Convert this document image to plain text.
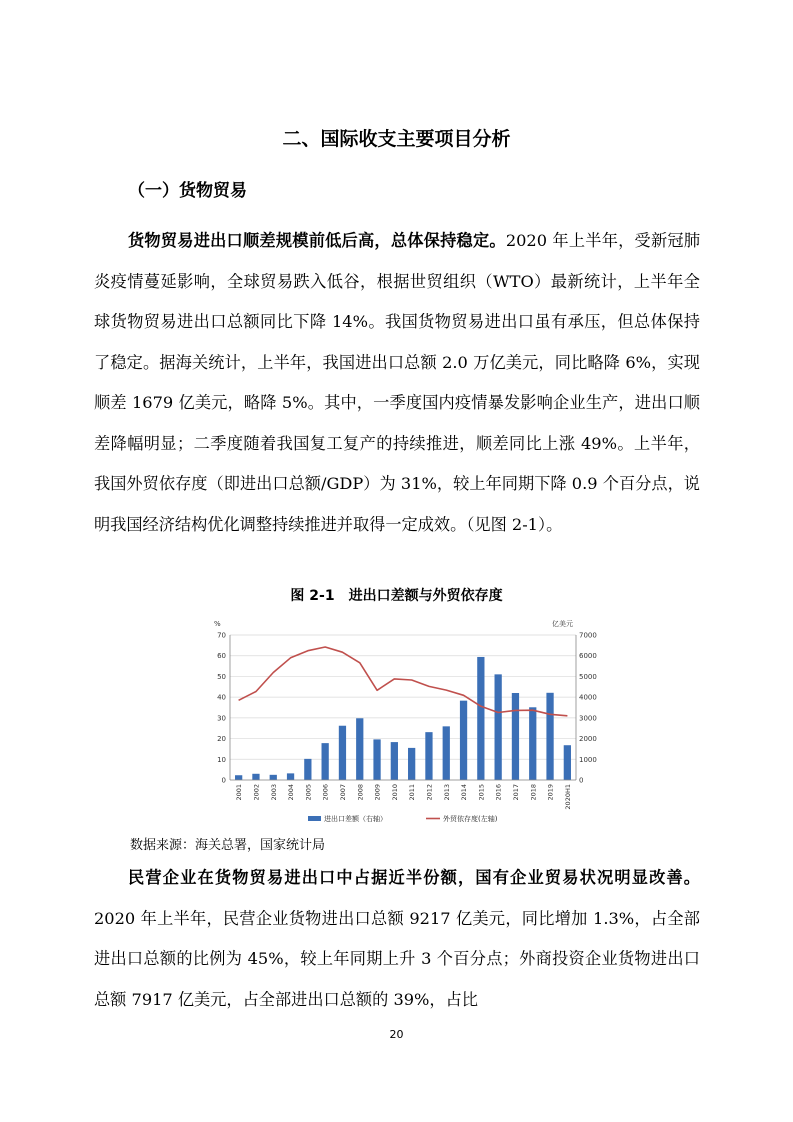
二、国际收支主要项目分析
（一）货物贸易
货物贸易进出口顺差规模前低后高，总体保持稳定。2020 年上半年，受新冠肺炎疫情蔓延影响，全球贸易跌入低谷，根据世贸组织（WTO）最新统计，上半年全球货物贸易进出口总额同比下降 14%。我国货物贸易进出口虽有承压，但总体保持了稳定。据海关统计，上半年，我国进出口总额 2.0 万亿美元，同比略降 6%，实现顺差 1679 亿美元，略降 5%。其中，一季度国内疫情暴发影响企业生产，进出口顺差降幅明显；二季度随着我国复工复产的持续推进，顺差同比上涨 49%。上半年，我国外贸依存度（即进出口总额/GDP）为 31%，较上年同期下降 0.9 个百分点，说明我国经济结构优化调整持续推进并取得一定成效。（见图 2-1）。
图 2-1　进出口差额与外贸依存度
0
10
20
30
40
50
60
70
0
1000
2000
3000
4000
5000
6000
7000
2001 2002 2003 2004 2005 2006 2007 2008 2009 2010 2011 2012 2013 2014 2015 2016 2017 2018 2019 2020H1
%	亿美元
进出口差额（右轴）	外贸依存度(左轴)
数据来源：海关总署，国家统计局
民营企业在货物贸易进出口中占据近半份额，国有企业贸易状况明显改善。2020 年上半年，民营企业货物进出口总额 9217 亿美元，同比增加 1.3%，占全部进出口总额的比例为 45%，较上年同期上升 3 个百分点；外商投资企业货物进出口总额 7917 亿美元，占全部进出口总额的 39%，占比
20
